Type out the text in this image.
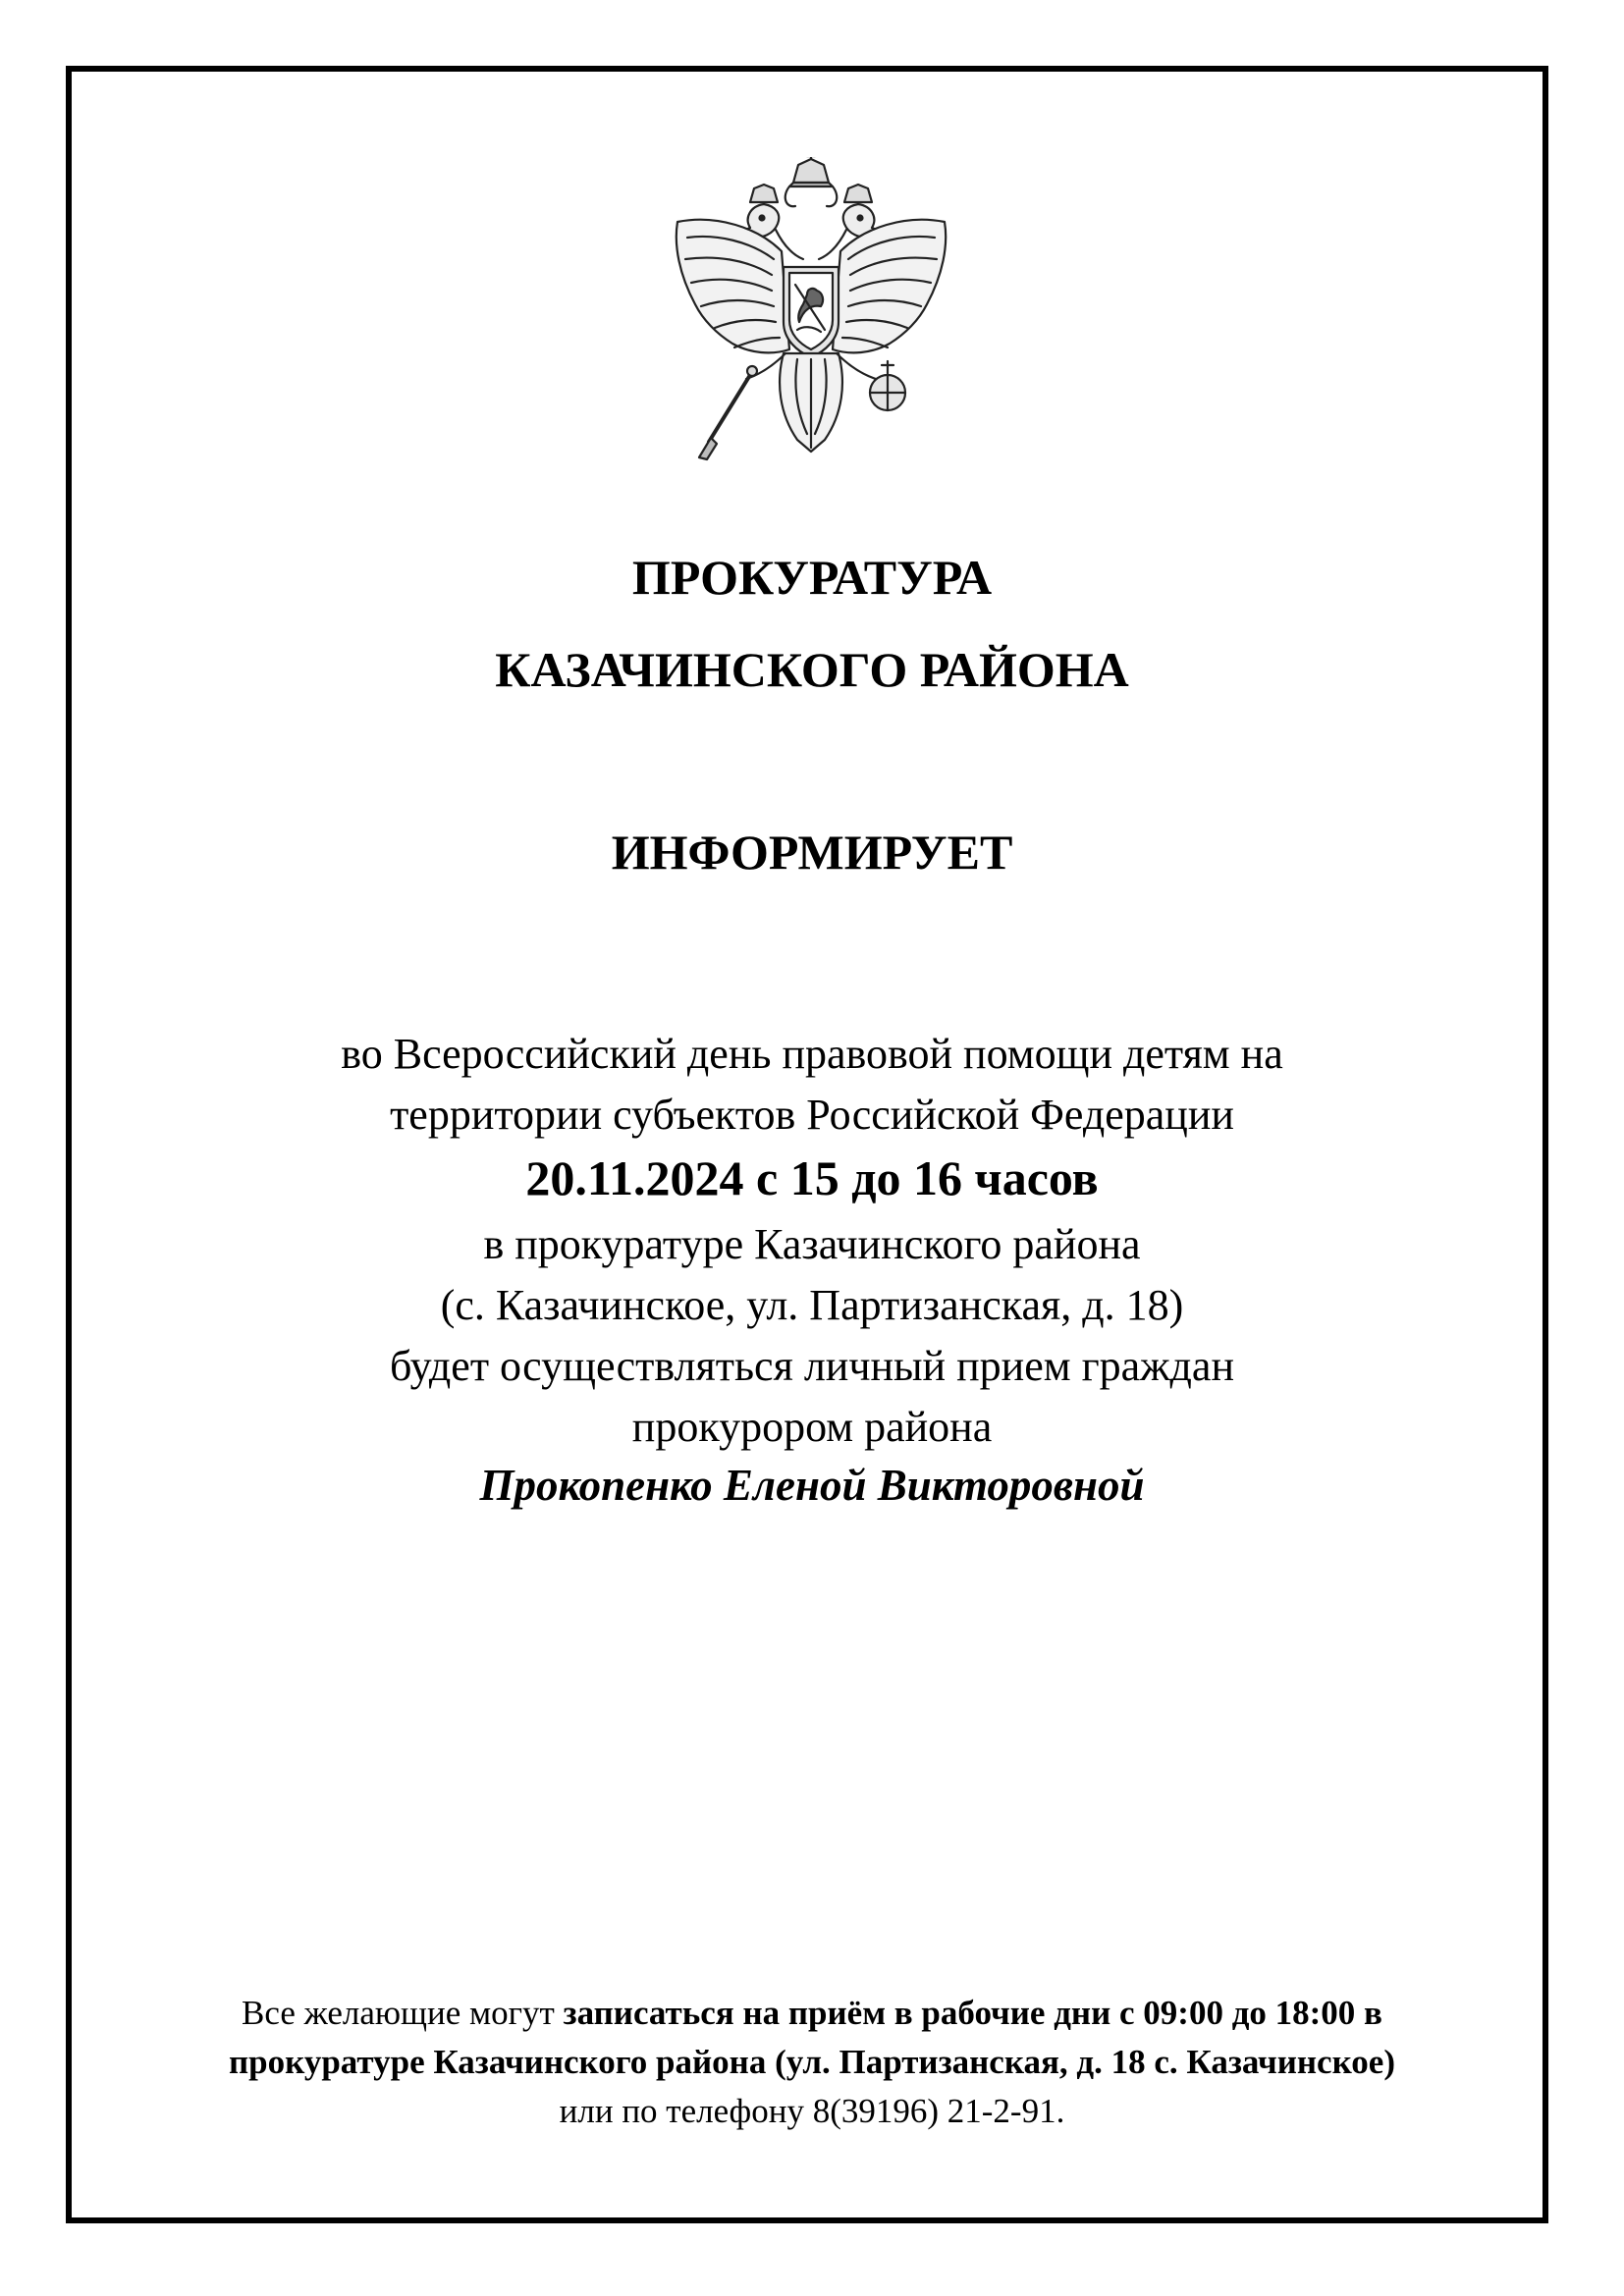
ПРОКУРАТУРА
КАЗАЧИНСКОГО РАЙОНА
ИНФОРМИРУЕТ
во Всероссийский день правовой помощи детям на
территории субъектов Российской Федерации
20.11.2024 с 15 до 16 часов
в прокуратуре Казачинского района
(с. Казачинское, ул. Партизанская, д. 18)
будет осуществляться личный прием граждан
прокурором района
Прокопенко Еленой Викторовной
Все желающие могут записаться на приём в рабочие дни с 09:00 до 18:00 в
прокуратуре Казачинского района (ул. Партизанская, д. 18 с. Казачинское)
или по телефону 8(39196) 21-2-91.
